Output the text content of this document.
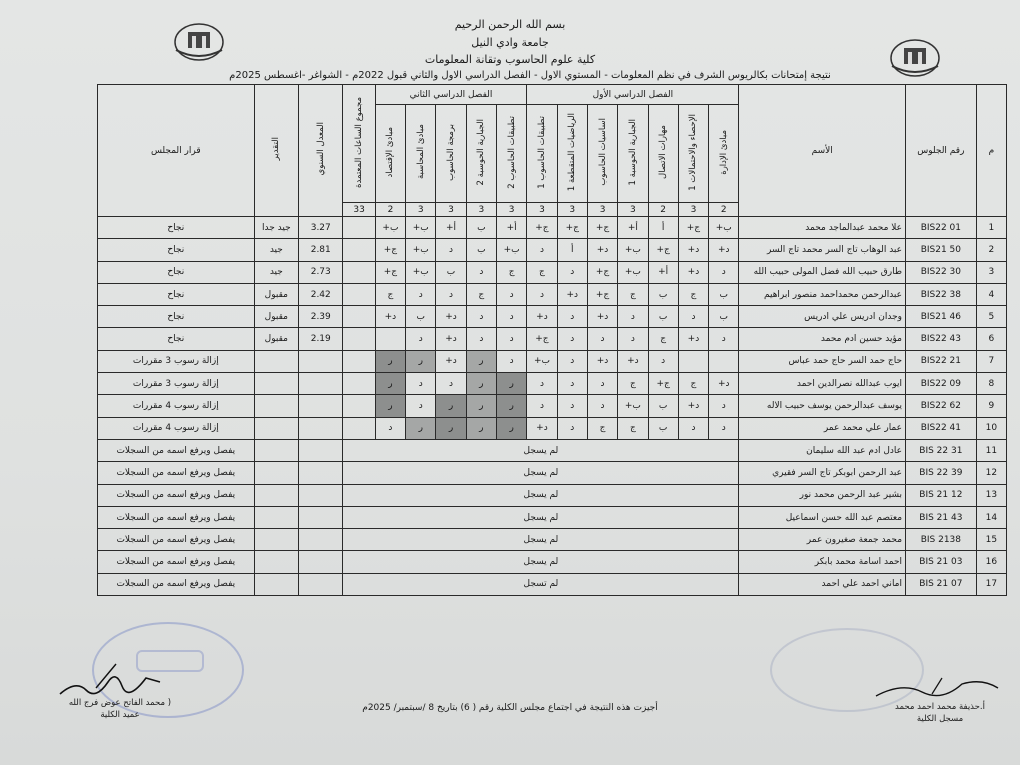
بسم الله الرحمن الرحيم
جامعة وادي النيل
كلية علوم الحاسوب وتقانة المعلومات
نتيجة إمتحانات بكالريوس الشرف في نظم المعلومات - المستوي الاول - الفصل الدراسي الاول والثاني قبول 2022م - الشواغر -اغسطس 2025م
م	رقم الجلوس	الأسم	الفصل الدراسي الأول							الفصل الدراسي الثاني					مجموع الساعات المعتمدة	المعدل السنوي	التقدير	قرار المجلس
			مبادئ الإدارة	الإحصاء والاحتمالات 1	مهارات الاتصال	الجبارية الحوسبة 1	اساسيات الحاسوب	الرياضيات المتقطعة 1	تطبيقات الحاسوب 1	تطبيقات الحاسوب 2	الجبارية الحوسبة 2	برمجة الحاسوب	مبادئ المحاسبة	مبادئ الإقتصاد				
			2	3	2	3	3	3	3	3	3	3	3	2	33			
1	BIS22 01	علا محمد عبدالماجد محمد	ب+	ج+	أ	أ+	ج+	ج+	ج+	أ+	ب	أ+	ب+	ب+		3.27	جيد جدا	نجاح
2	BIS21 50	عبد الوهاب تاج السر محمد تاج السر	د+	د+	ج+	ب+	د+	أ	د	ب+	ب	د	ب+	ج+		2.81	جيد	نجاح
3	BIS22 30	طارق حبيب الله فضل المولى حبيب الله	د	د+	أ+	ب+	ج+	د	ج	ج	د	ب	ب+	ج+		2.73	جيد	نجاح
4	BIS22 38	عبدالرحمن محمداحمد منصور ابراهيم	ب	ج	ب	ج	ج+	د+	د	د	ج	د	د	ج		2.42	مقبول	نجاح
5	BIS21 46	وجدان ادريس علي ادريس	ب	د	ب	د	د+	د	د+	د	د	د+	ب	د+		2.39	مقبول	نجاح
6	BIS22 43	مؤيد حسين ادم محمد	د	د+	ج	د	د	د	ج+	د	د	د+	د			2.19	مقبول	نجاح
7	BIS22 21	حاج حمد السر حاج حمد عباس			د	د+	د+	د	ب+	د	ر	د+	ر	ر				إزالة رسوب 3 مقررات
8	BIS22 09	ايوب عبدالله نصرالدين احمد	د+	ج	ج+	ج	د	د	د	ر	ر	د	د	ر				إزالة رسوب 3 مقررات
9	BIS22 62	يوسف عبدالرحمن يوسف حبيب الاله	د	د+	ب	ب+	د	د	د	ر	ر	ر	د	ر				إزالة رسوب 4 مقررات
10	BIS22 41	عمار علي محمد عمر	د	د	ب	ج	ج	د	د+	ر	ر	ر	ر	د				إزالة رسوب 4 مقررات
11	BIS 22 31	عادل ادم عبد الله سليمان	لم يسجل															يفصل ويرفع اسمه من السجلات
12	BIS 22 39	عبد الرحمن ابوبكر تاج السر فقيري	لم يسجل															يفصل ويرفع اسمه من السجلات
13	BIS 21 12	بشير عبد الرحمن محمد نور	لم يسجل															يفصل ويرفع اسمه من السجلات
14	BIS 21 43	معتصم عبد الله حسن اسماعيل	لم يسجل															يفصل ويرفع اسمه من السجلات
15	BIS 2138	محمد جمعة صغيرون عمر	لم يسجل															يفصل ويرفع اسمه من السجلات
16	BIS 21 03	احمد اسامة محمد بابكر	لم يسجل															يفصل ويرفع اسمه من السجلات
17	BIS 21 07	اماني احمد علي احمد	لم تسجل															يفصل ويرفع اسمه من السجلات
( محمد الفاتح عوض فرج الله
عميد الكلية
أجيزت هذه النتيجة في اجتماع مجلس الكلية رقم ( 6) بتاريخ 8 /سبتمبر/ 2025م	أ.حذيفة محمد احمد محمد
مسجل الكلية
